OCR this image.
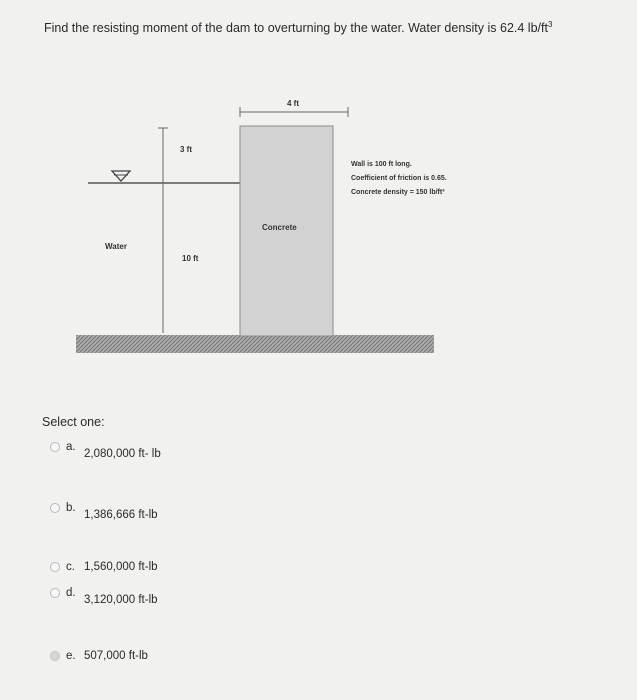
Find the resisting moment of the dam to overturning by the water. Water density is 62.4 $lb/ft^3$
4 ft
3 ft
10 ft
Water
Concrete
Wall is 100 ft long.
Coefficient of friction is 0.65.
Concrete density = 150 lb/ft³
Select one:
a.
2,080,000 ft- lb
b.
1,386,666 ft-lb
c. 1,560,000 ft-lb
d.
3,120,000 ft-lb
e. 507,000 ft-lb
